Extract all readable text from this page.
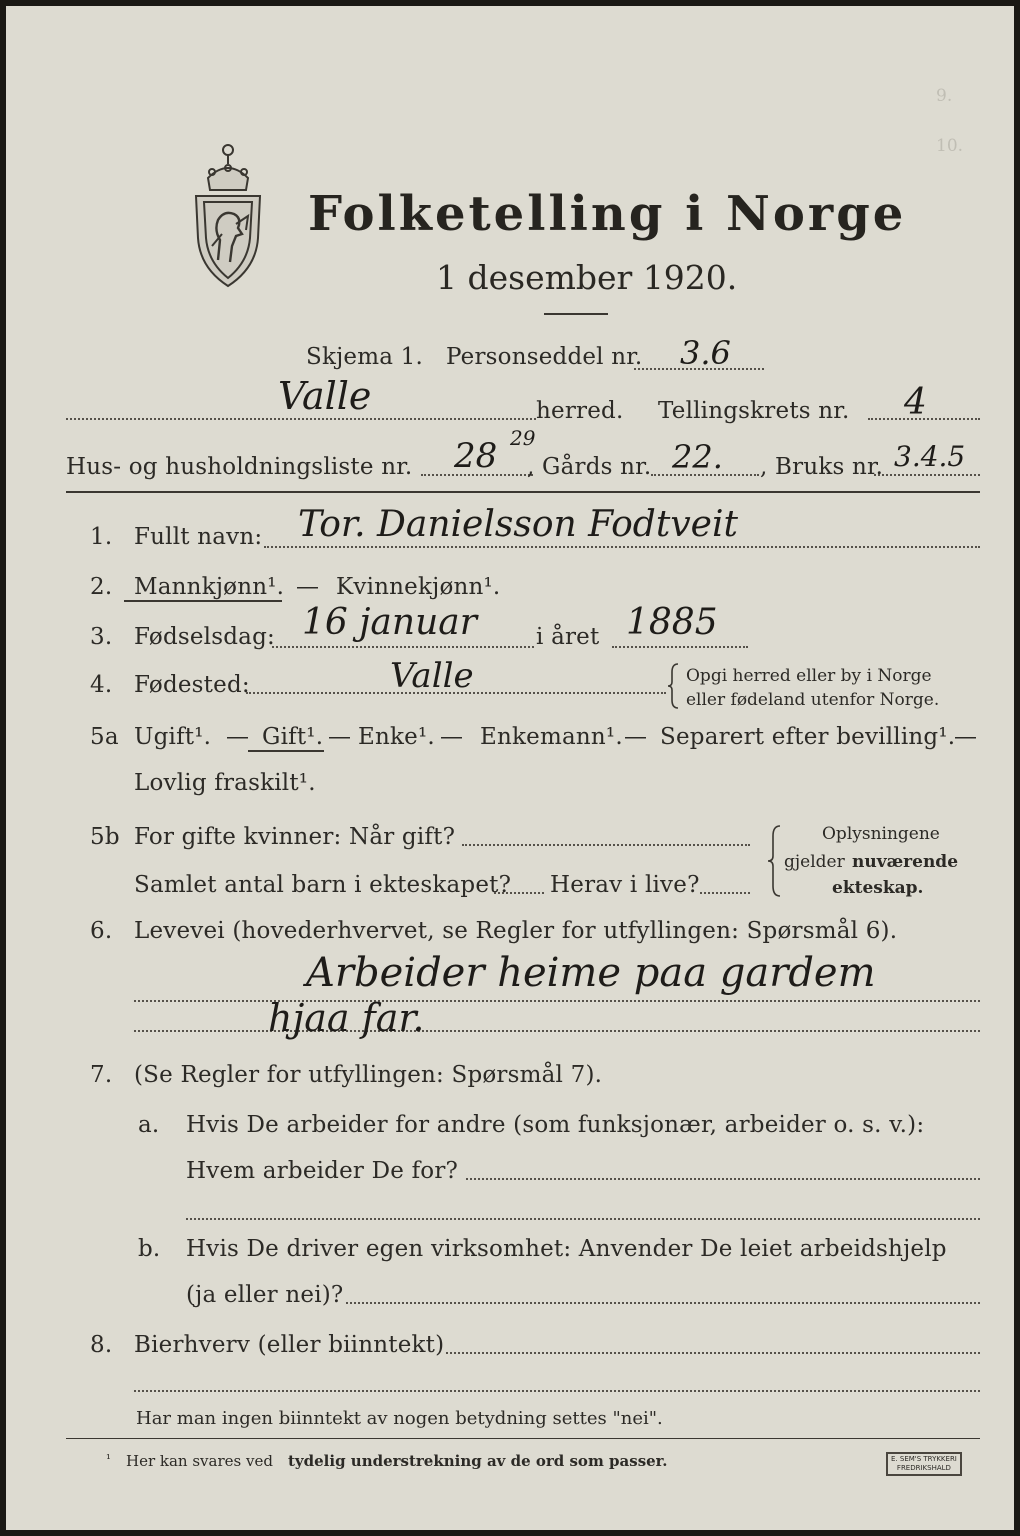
9.
10.
Folketelling i Norge
1 desember 1920.
Skjema 1. Personseddel nr. 3.6
Valle	herred. Tellingskrets nr. 4
Hus- og husholdningsliste nr. 28 29
, Gårds nr. 22. , Bruks nr. 3.4.5
1. Fullt navn: Tor. Danielsson Fodtveit
2. Mannkjønn¹. — Kvinnekjønn¹.
3. Fødselsdag: 16 januar	i året 1885
4. Fødested:	Valle	Opgi herred eller by i Norge
eller fødeland utenfor Norge.
5a Ugift¹. — Gift¹. — Enke¹. — Enkemann¹. — Separert efter bevilling¹.
—
Lovlig fraskilt¹.
5b For gifte kvinner: Når gift?
Samlet antal barn i ekteskapet? Herav i live?
Oplysningene
gjelder nuværende
ekteskap.
6. Levevei (hovederhvervet, se Regler for utfyllingen: Spørsmål 6).
Arbeider heime paa gardem
hjaa far.
7. (Se Regler for utfyllingen: Spørsmål 7).
a. Hvis De arbeider for andre (som funksjonær, arbeider o. s. v.):
Hvem arbeider De for?
b. Hvis De driver egen virksomhet: Anvender De leiet arbeidshjelp
(ja eller nei)?
8. Bierhverv (eller biinntekt)
Har man ingen biinntekt av nogen betydning settes "nei".
¹ Her kan svares ved tydelig understrekning av de ord som passer.	E. SEM'S TRYKKERI
FREDRIKSHALD
